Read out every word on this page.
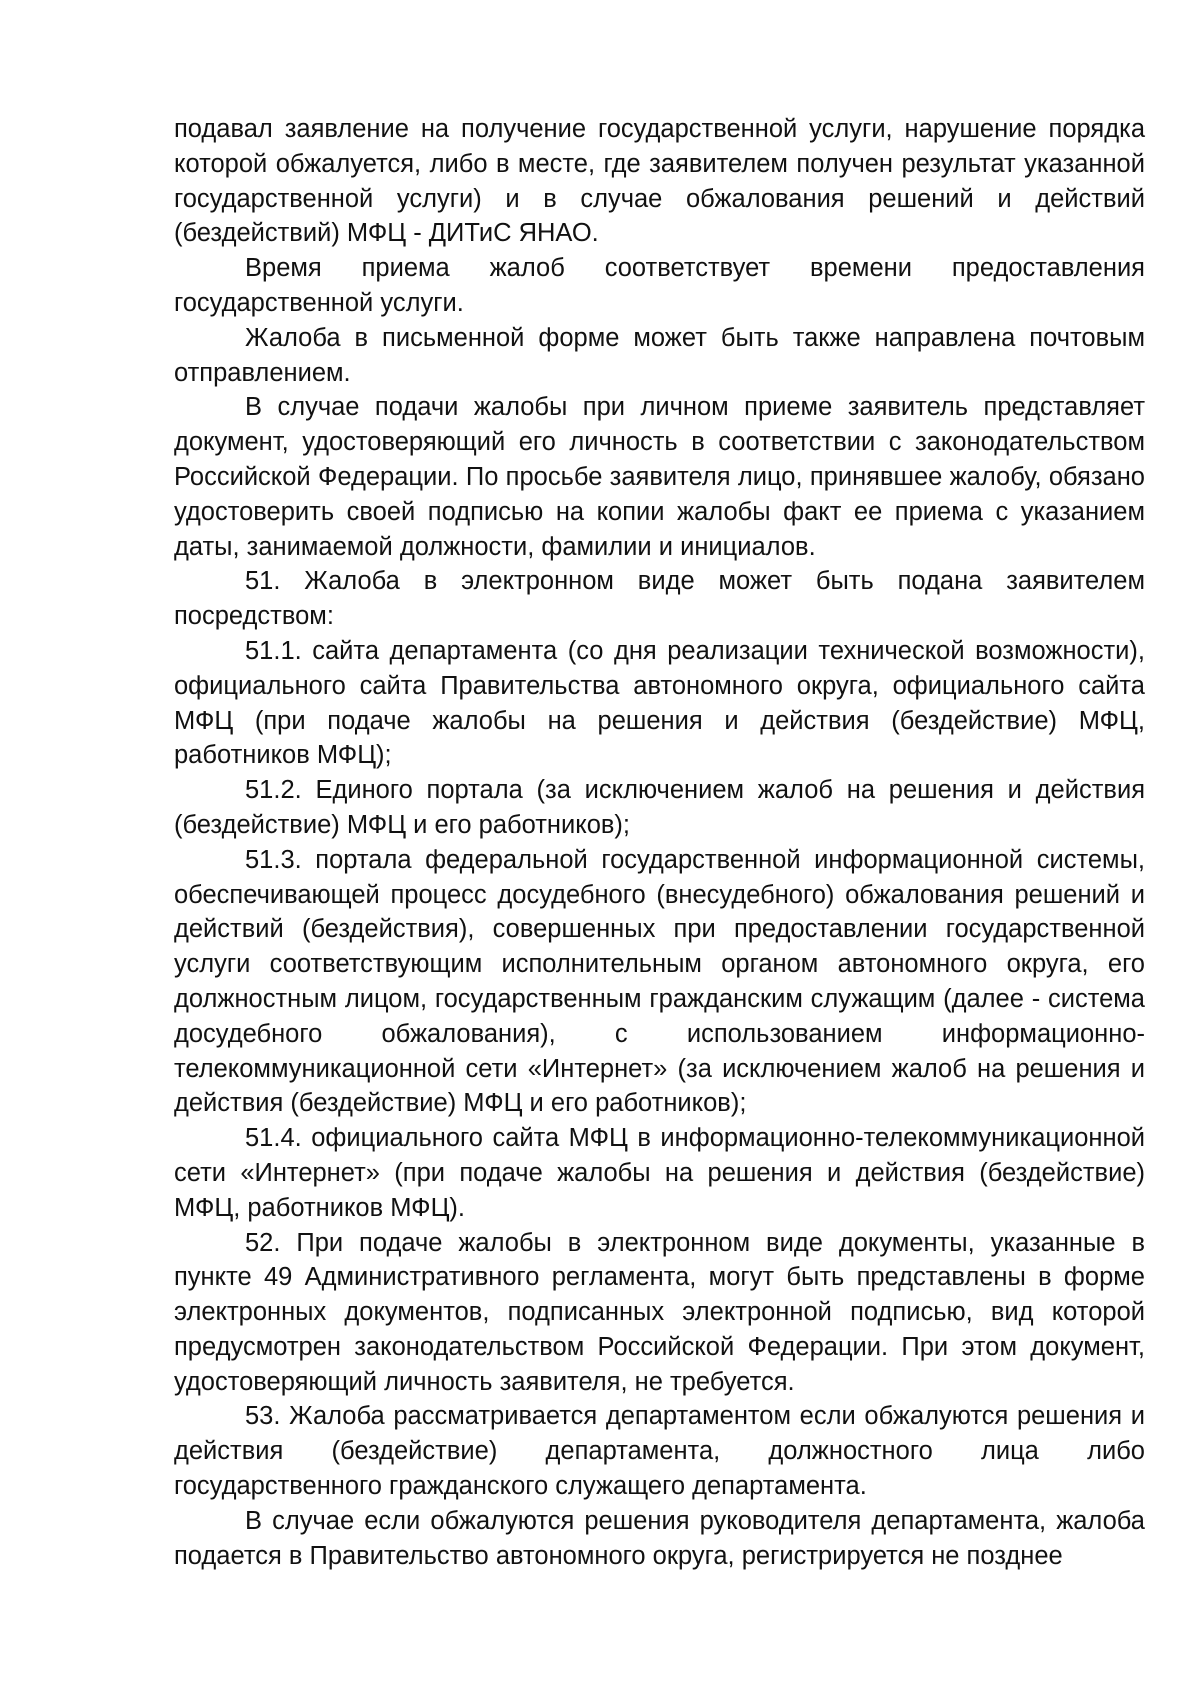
подавал заявление на получение государственной услуги, нарушение порядка которой обжалуется, либо в месте, где заявителем получен результат указанной государственной услуги) и в случае обжалования решений и действий (бездействий) МФЦ - ДИТиС ЯНАО.

Время приема жалоб соответствует времени предоставления государственной услуги.

Жалоба в письменной форме может быть также направлена почтовым отправлением.

В случае подачи жалобы при личном приеме заявитель представляет документ, удостоверяющий его личность в соответствии с законодательством Российской Федерации. По просьбе заявителя лицо, принявшее жалобу, обязано удостоверить своей подписью на копии жалобы факт ее приема с указанием даты, занимаемой должности, фамилии и инициалов.

51. Жалоба в электронном виде может быть подана заявителем посредством:

51.1. сайта департамента (со дня реализации технической возможности), официального сайта Правительства автономного округа, официального сайта МФЦ (при подаче жалобы на решения и действия (бездействие) МФЦ, работников МФЦ);

51.2. Единого портала (за исключением жалоб на решения и действия (бездействие) МФЦ и его работников);

51.3. портала федеральной государственной информационной системы, обеспечивающей процесс досудебного (внесудебного) обжалования решений и действий (бездействия), совершенных при предоставлении государственной услуги соответствующим исполнительным органом автономного округа, его должностным лицом, государственным гражданским служащим (далее - система досудебного обжалования), с использованием информационно-телекоммуникационной сети «Интернет» (за исключением жалоб на решения и действия (бездействие) МФЦ и его работников);

51.4. официального сайта МФЦ в информационно-телекоммуникационной сети «Интернет» (при подаче жалобы на решения и действия (бездействие) МФЦ, работников МФЦ).

52. При подаче жалобы в электронном виде документы, указанные в пункте 49 Административного регламента, могут быть представлены в форме электронных документов, подписанных электронной подписью, вид которой предусмотрен законодательством Российской Федерации. При этом документ, удостоверяющий личность заявителя, не требуется.

53. Жалоба рассматривается департаментом если обжалуются решения и действия (бездействие) департамента, должностного лица либо государственного гражданского служащего департамента.

В случае если обжалуются решения руководителя департамента, жалоба подается в Правительство автономного округа, регистрируется не позднее
